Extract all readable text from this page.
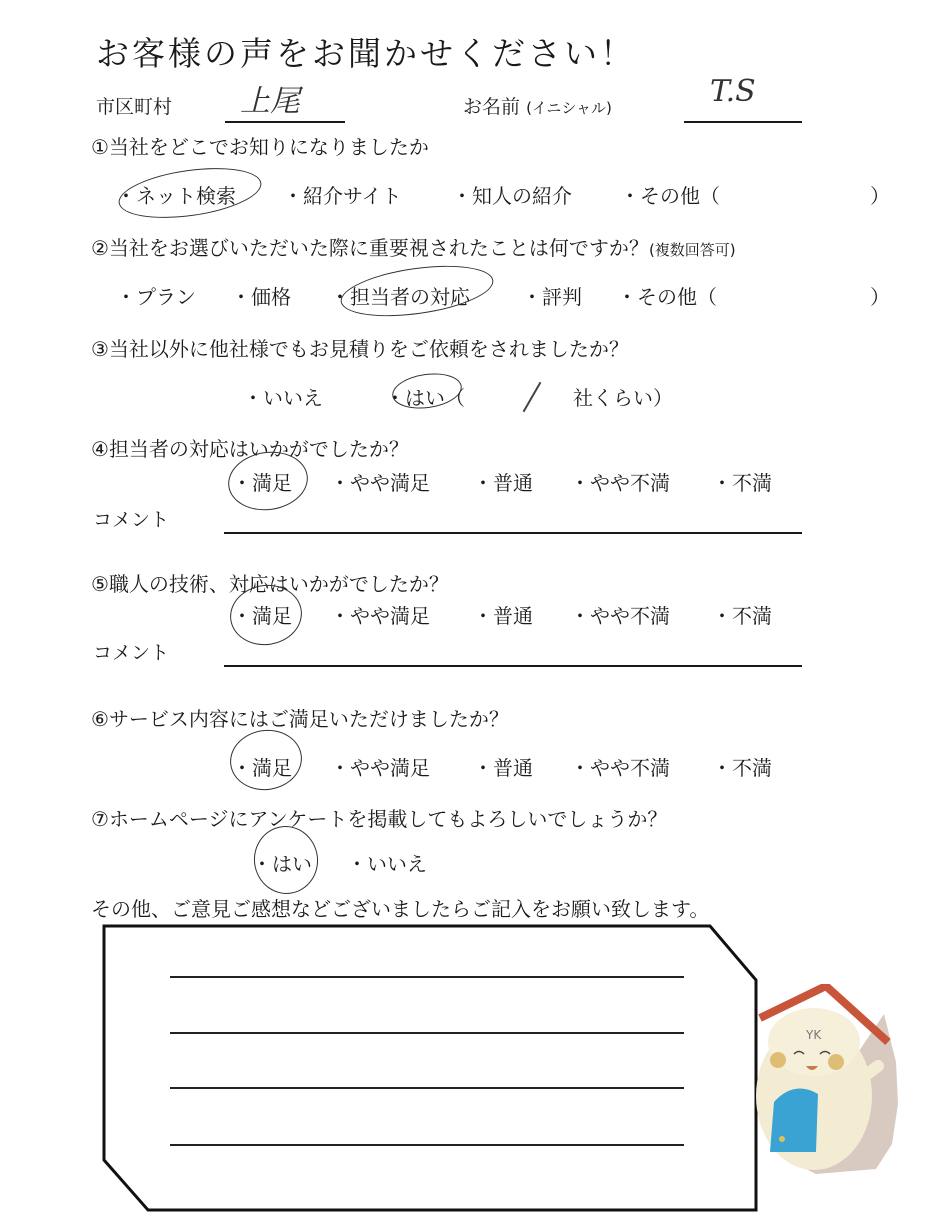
お客様の声をお聞かせください！
市区町村 上尾	お名前 (イニシャル)	T.S
①当社をどこでお知りになりましたか
・ネット検索 ・紹介サイト	・知人の紹介 ・その他（	）
②当社をお選びいただいた際に重要視されたことは何ですか？(複数回答可)
・プラン ・価格 ・担当者の対応	・評判 ・その他（	）
③当社以外に他社様でもお見積りをご依頼をされましたか？
・いいえ	・はい（	社くらい）
④担当者の対応はいかがでしたか？
・満足 ・やや満足 ・普通 ・やや不満 ・不満
コメント
⑤職人の技術、対応はいかがでしたか？
・満足 ・やや満足 ・普通 ・やや不満 ・不満
コメント
⑥サービス内容にはご満足いただけましたか？
・満足 ・やや満足 ・普通 ・やや不満 ・不満
⑦ホームページにアンケートを掲載してもよろしいでしょうか？
・はい ・いいえ
その他、ご意見ご感想などございましたらご記入をお願い致します。
YK
